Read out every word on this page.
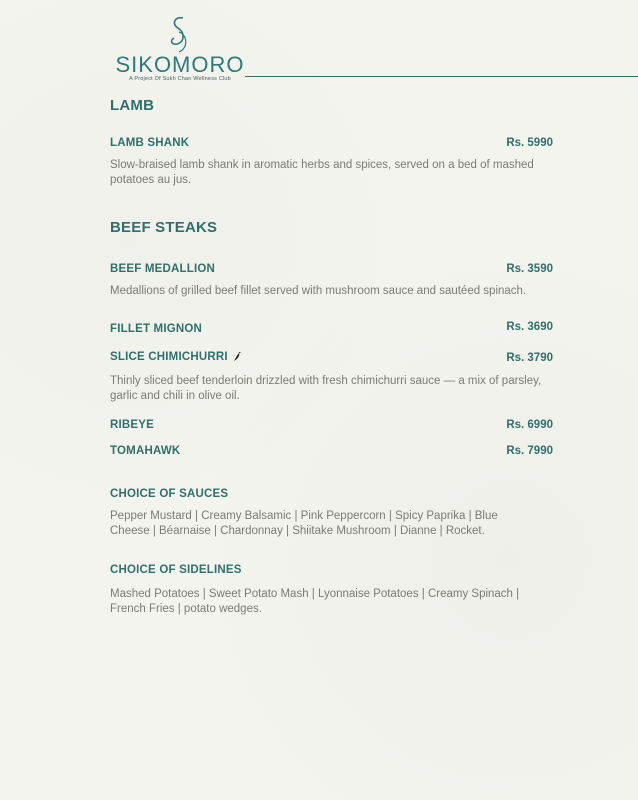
SIKOMORO
A Project Of Sukh Chan Wellness Club
LAMB
LAMB SHANK	Rs. 5990
Slow-braised lamb shank in aromatic herbs and spices, served on a bed of mashed potatoes au jus.
BEEF STEAKS
BEEF MEDALLION	Rs. 3590
Medallions of grilled beef fillet served with mushroom sauce and sautéed spinach.
FILLET MIGNON	Rs. 3690
SLICE CHIMICHURRI	Rs. 3790
Thinly sliced beef tenderloin drizzled with fresh chimichurri sauce — a mix of parsley, garlic and chili in olive oil.
RIBEYE	Rs. 6990
TOMAHAWK	Rs. 7990
CHOICE OF SAUCES
Pepper Mustard | Creamy Balsamic | Pink Peppercorn | Spicy Paprika | Blue Cheese | Béarnaise | Chardonnay | Shiitake Mushroom | Dianne | Rocket.
CHOICE OF SIDELINES
Mashed Potatoes | Sweet Potato Mash | Lyonnaise Potatoes | Creamy Spinach | French Fries | potato wedges.
